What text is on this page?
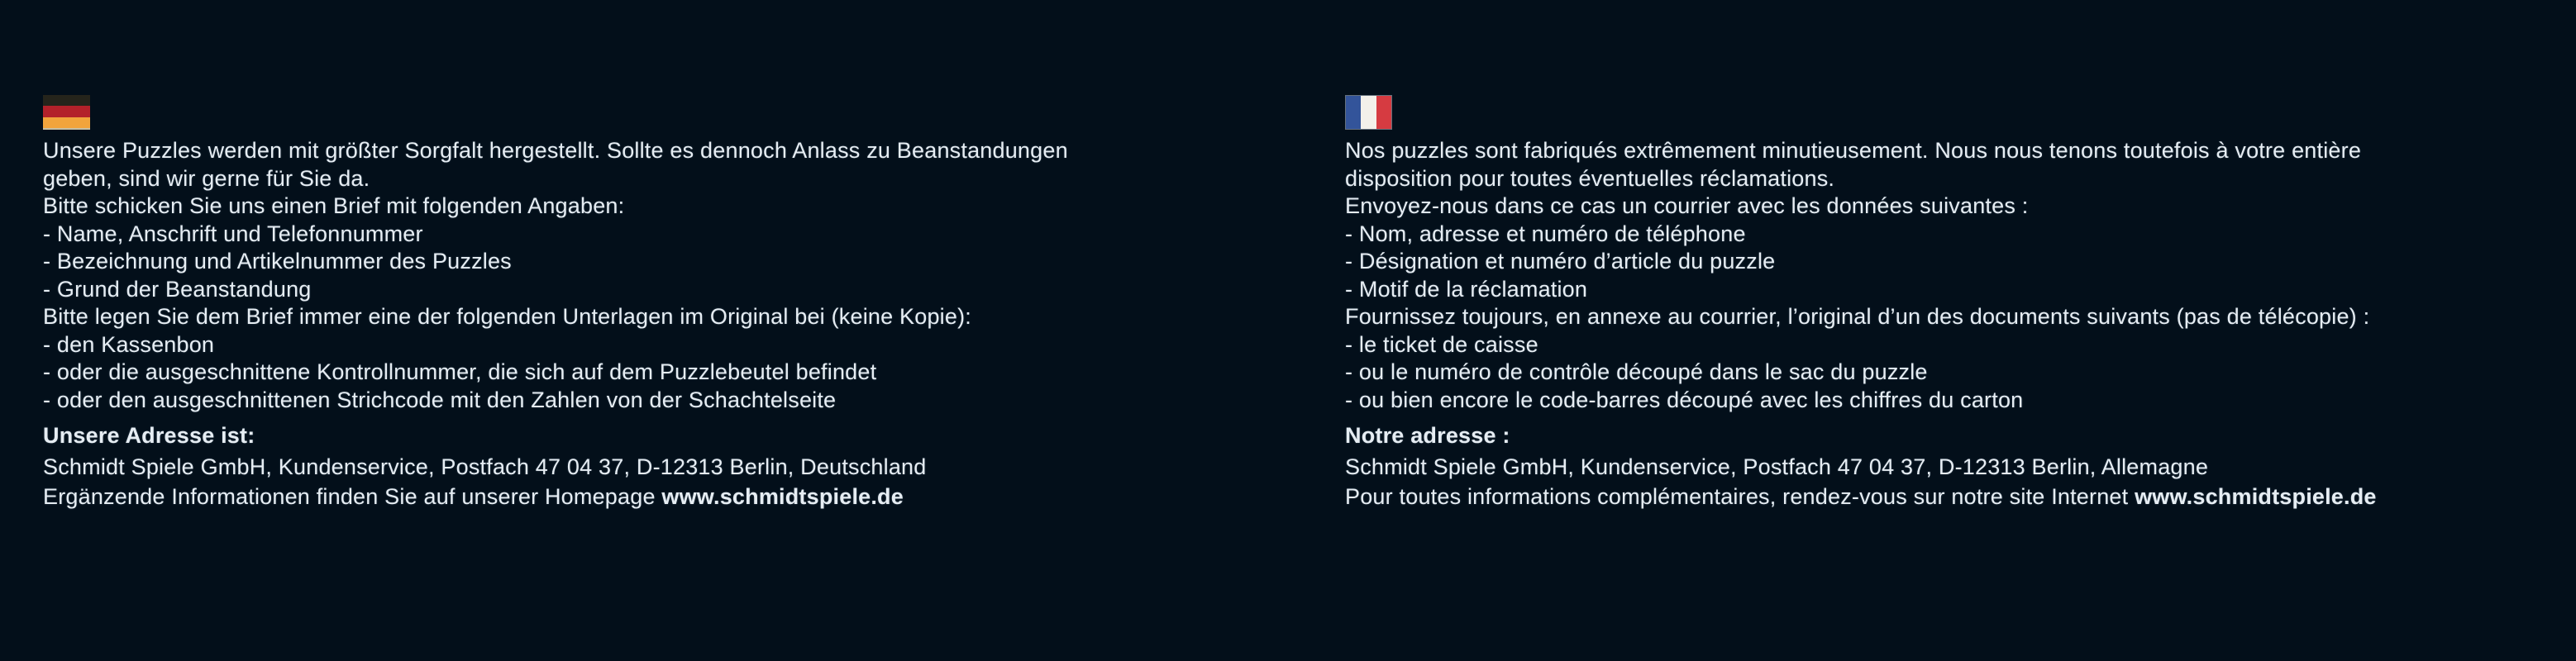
Unsere Puzzles werden mit größter Sorgfalt hergestellt. Sollte es dennoch Anlass zu Beanstandungen
geben, sind wir gerne für Sie da.
Bitte schicken Sie uns einen Brief mit folgenden Angaben:
- Name, Anschrift und Telefonnummer
- Bezeichnung und Artikelnummer des Puzzles
- Grund der Beanstandung
Bitte legen Sie dem Brief immer eine der folgenden Unterlagen im Original bei (keine Kopie):
- den Kassenbon
- oder die ausgeschnittene Kontrollnummer, die sich auf dem Puzzlebeutel befindet
- oder den ausgeschnittenen Strichcode mit den Zahlen von der Schachtelseite
Unsere Adresse ist:
Schmidt Spiele GmbH, Kundenservice, Postfach 47 04 37, D-12313 Berlin, Deutschland
Ergänzende Informationen finden Sie auf unserer Homepage www.schmidtspiele.de
Nos puzzles sont fabriqués extrêmement minutieusement. Nous nous tenons toutefois à votre entière
disposition pour toutes éventuelles réclamations.
Envoyez-nous dans ce cas un courrier avec les données suivantes :
- Nom, adresse et numéro de téléphone
- Désignation et numéro d’article du puzzle
- Motif de la réclamation
Fournissez toujours, en annexe au courrier, l’original d’un des documents suivants (pas de télécopie) :
- le ticket de caisse
- ou le numéro de contrôle découpé dans le sac du puzzle
- ou bien encore le code-barres découpé avec les chiffres du carton
Notre adresse :
Schmidt Spiele GmbH, Kundenservice, Postfach 47 04 37, D-12313 Berlin, Allemagne
Pour toutes informations complémentaires, rendez-vous sur notre site Internet www.schmidtspiele.de
